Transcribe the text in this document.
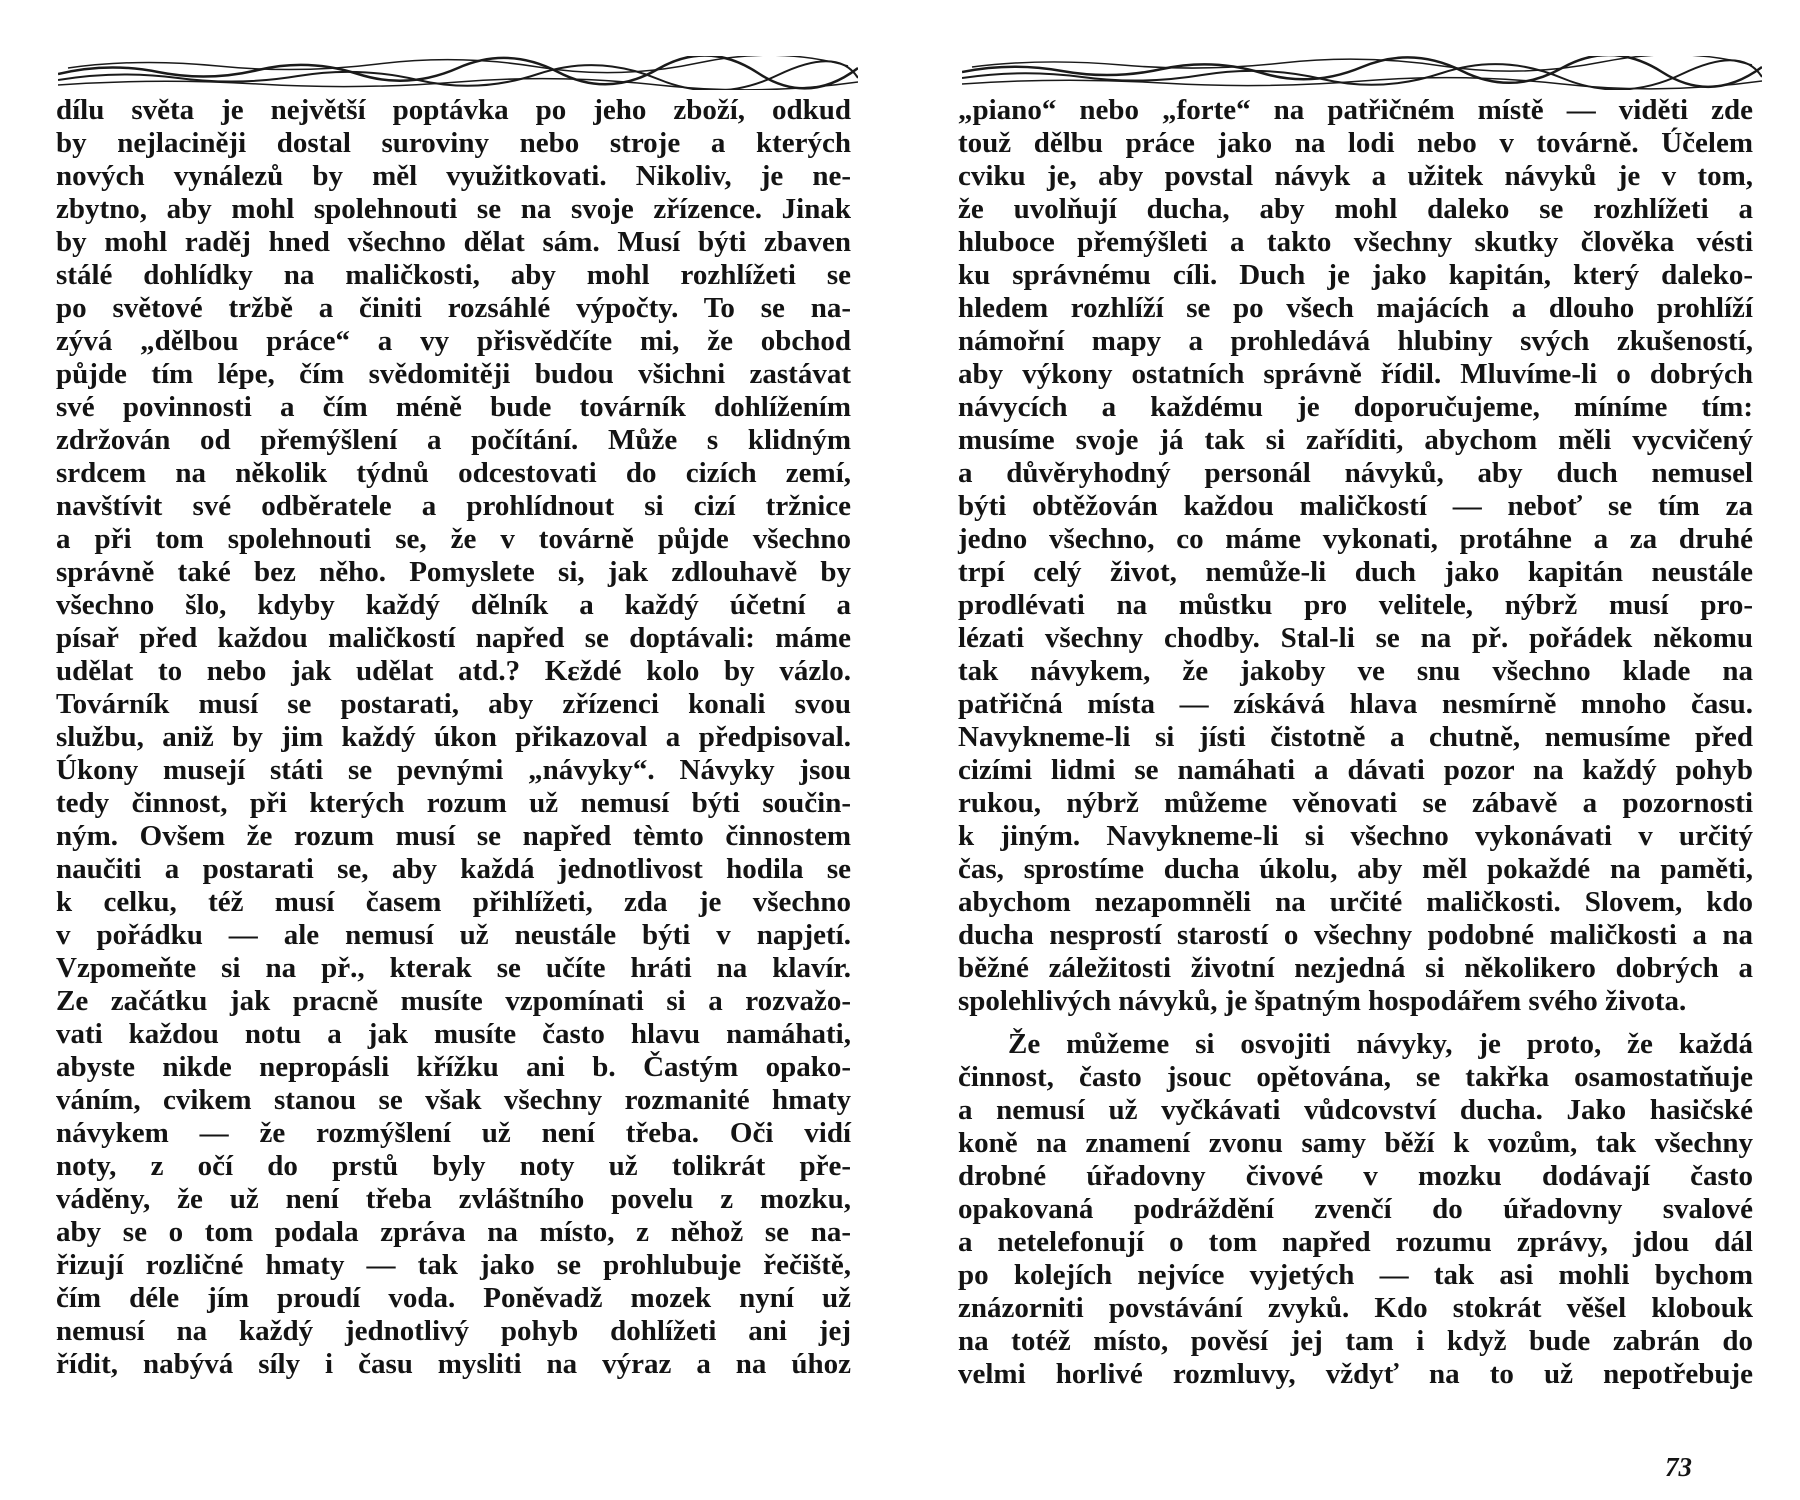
dílu světa je největší poptávka po jeho zboží, odkud
by nejlaciněji dostal suroviny nebo stroje a kterých
nových vynálezů by měl využitkovati. Nikoliv, je ne-
zbytno, aby mohl spolehnouti se na svoje zřízence. Jinak
by mohl raděj hned všechno dělat sám. Musí býti zbaven
stálé dohlídky na maličkosti, aby mohl rozhlížeti se
po světové tržbě a činiti rozsáhlé výpočty. To se na-
zývá „dělbou práce“ a vy přisvědčíte mi, že obchod
půjde tím lépe, čím svědomitěji budou všichni zastávat
své povinnosti a čím méně bude továrník dohlížením
zdržován od přemýšlení a počítání. Může s klidným
srdcem na několik týdnů odcestovati do cizích zemí,
navštívit své odběratele a prohlídnout si cizí tržnice
a při tom spolehnouti se, že v továrně půjde všechno
správně také bez něho. Pomyslete si, jak zdlouhavě by
všechno šlo, kdyby každý dělník a každý účetní a
písař před každou maličkostí napřed se doptávali: máme
udělat to nebo jak udělat atd.? Kεždé kolo by vázlo.
Továrník musí se postarati, aby zřízenci konali svou
službu, aniž by jim každý úkon přikazoval a předpisoval.
Úkony musejí státi se pevnými „návyky“. Návyky jsou
tedy činnost, při kterých rozum už nemusí býti součin-
ným. Ovšem že rozum musí se napřed tèmto činnostem
naučiti a postarati se, aby každá jednotlivost hodila se
k celku, též musí časem přihlížeti, zda je všechno
v pořádku — ale nemusí už neustále býti v napjetí.
Vzpomeňte si na př., kterak se učíte hráti na klavír.
Ze začátku jak pracně musíte vzpomínati si a rozvažo-
vati každou notu a jak musíte často hlavu namáhati,
abyste nikde nepropásli křížku ani b. Častým opako-
váním, cvikem stanou se však všechny rozmanité hmaty
návykem — že rozmýšlení už není třeba. Oči vidí
noty, z očí do prstů byly noty už tolikrát pře-
váděny, že už není třeba zvláštního povelu z mozku,
aby se o tom podala zpráva na místo, z něhož se na-
řizují rozličné hmaty — tak jako se prohlubuje řečiště,
čím déle jím proudí voda. Poněvadž mozek nyní už
nemusí na každý jednotlivý pohyb dohlížeti ani jej
řídit, nabývá síly i času mysliti na výraz a na úhoz
„piano“ nebo „forte“ na patřičném místě — viděti zde
touž dělbu práce jako na lodi nebo v továrně. Účelem
cviku je, aby povstal návyk a užitek návyků je v tom,
že uvolňují ducha, aby mohl daleko se rozhlížeti a
hluboce přemýšleti a takto všechny skutky člověka vésti
ku správnému cíli. Duch je jako kapitán, který daleko-
hledem rozhlíží se po všech majácích a dlouho prohlíží
námořní mapy a prohledává hlubiny svých zkušeností,
aby výkony ostatních správně řídil. Mluvíme-li o dobrých
návycích a každému je doporučujeme, míníme tím:
musíme svoje já tak si zaříditi, abychom měli vycvičený
a důvěryhodný personál návyků, aby duch nemusel
býti obtěžován každou maličkostí — neboť se tím za
jedno všechno, co máme vykonati, protáhne a za druhé
trpí celý život, nemůže-li duch jako kapitán neustále
prodlévati na můstku pro velitele, nýbrž musí pro-
lézati všechny chodby. Stal-li se na př. pořádek někomu
tak návykem, že jakoby ve snu všechno klade na
patřičná místa — získává hlava nesmírně mnoho času.
Navykneme-li si jísti čistotně a chutně, nemusíme před
cizími lidmi se namáhati a dávati pozor na každý pohyb
rukou, nýbrž můžeme věnovati se zábavě a pozornosti
k jiným. Navykneme-li si všechno vykonávati v určitý
čas, sprostíme ducha úkolu, aby měl pokaždé na paměti,
abychom nezapomněli na určité maličkosti. Slovem, kdo
ducha nesprostí starostí o všechny podobné maličkosti a na
běžné záležitosti životní nezjedná si několikero dobrých a
spolehlivých návyků, je špatným hospodářem svého života.
Že můžeme si osvojiti návyky, je proto, že každá
činnost, často jsouc opětována, se takřka osamostatňuje
a nemusí už vyčkávati vůdcovství ducha. Jako hasičské
koně na znamení zvonu samy běží k vozům, tak všechny
drobné úřadovny čivové v mozku dodávají často
opakovaná podráždění zvenčí do úřadovny svalové
a netelefonují o tom napřed rozumu zprávy, jdou dál
po kolejích nejvíce vyjetých — tak asi mohli bychom
znázorniti povstávání zvyků. Kdo stokrát věšel klobouk
na totéž místo, pověsí jej tam i když bude zabrán do
velmi horlivé rozmluvy, vždyť na to už nepotřebuje
73
